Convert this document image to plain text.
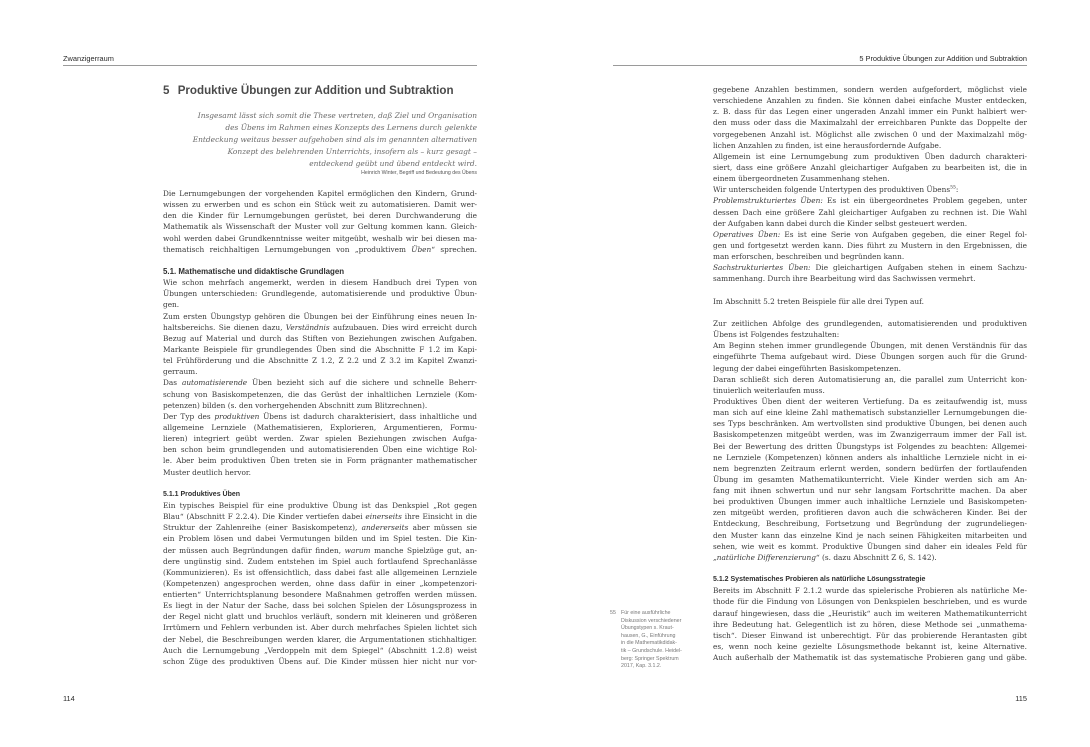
Zwanzigerraum
5 Produktive Übungen zur Addition und Subtraktion
Insgesamt lässt sich somit die These vertreten, daß Ziel und Organisation
des Übens im Rahmen eines Konzepts des Lernens durch gelenkte
Entdeckung weitaus besser aufgehoben sind als im genannten alternativen
Konzept des belehrenden Unterrichts, insofern als – kurz gesagt –
entdeckend geübt und übend entdeckt wird.
Heinrich Winter, Begriff und Bedeutung des Übens
Die Lernumgebungen der vorgehenden Kapitel ermöglichen den Kindern, Grund-
wissen zu erwerben und es schon ein Stück weit zu automatisieren. Damit wer-
den die Kinder für Lernumgebungen gerüstet, bei deren Durchwanderung die
Mathematik als Wissenschaft der Muster voll zur Geltung kommen kann. Gleich-
wohl werden dabei Grundkenntnisse weiter mitgeübt, weshalb wir bei diesen ma-
thematisch reichhaltigen Lernumgebungen von „produktivem Üben“ sprechen.
5.1. Mathematische und didaktische Grundlagen
Wie schon mehrfach angemerkt, werden in diesem Handbuch drei Typen von
Übungen unterschieden: Grundlegende, automatisierende und produktive Übun-
gen.
Zum ersten Übungstyp gehören die Übungen bei der Einführung eines neuen In-
haltsbereichs. Sie dienen dazu, Verständnis aufzubauen. Dies wird erreicht durch
Bezug auf Material und durch das Stiften von Beziehungen zwischen Aufgaben.
Markante Beispiele für grundlegendes Üben sind die Abschnitte F 1.2 im Kapi-
tel Frühförderung und die Abschnitte Z 1.2, Z 2.2 und Z 3.2 im Kapitel Zwanzi-
gerraum.
Das automatisierende Üben bezieht sich auf die sichere und schnelle Beherr-
schung von Basiskompetenzen, die das Gerüst der inhaltlichen Lernziele (Kom-
petenzen) bilden (s. den vorhergehenden Abschnitt zum Blitzrechnen).
Der Typ des produktiven Übens ist dadurch charakterisiert, dass inhaltliche und
allgemeine Lernziele (Mathematisieren, Explorieren, Argumentieren, Formu-
lieren) integriert geübt werden. Zwar spielen Beziehungen zwischen Aufga-
ben schon beim grundlegenden und automatisierenden Üben eine wichtige Rol-
le. Aber beim produktiven Üben treten sie in Form prägnanter mathematischer
Muster deutlich hervor.
5.1.1 Produktives Üben
Ein typisches Beispiel für eine produktive Übung ist das Denkspiel „Rot gegen
Blau“ (Abschnitt F 2.2.4). Die Kinder vertiefen dabei einerseits ihre Einsicht in die
Struktur der Zahlenreihe (einer Basiskompetenz), andererseits aber müssen sie
ein Problem lösen und dabei Vermutungen bilden und im Spiel testen. Die Kin-
der müssen auch Begründungen dafür finden, warum manche Spielzüge gut, an-
dere ungünstig sind. Zudem entstehen im Spiel auch fortlaufend Sprechanlässe
(Kommunizieren). Es ist offensichtlich, dass dabei fast alle allgemeinen Lernziele
(Kompetenzen) angesprochen werden, ohne dass dafür in einer „kompetenzori-
entierten“ Unterrichtsplanung besondere Maßnahmen getroffen werden müssen.
Es liegt in der Natur der Sache, dass bei solchen Spielen der Lösungsprozess in
der Regel nicht glatt und bruchlos verläuft, sondern mit kleineren und größeren
Irrtümern und Fehlern verbunden ist. Aber durch mehrfaches Spielen lichtet sich
der Nebel, die Beschreibungen werden klarer, die Argumentationen stichhaltiger.
Auch die Lernumgebung „Verdoppeln mit dem Spiegel“ (Abschnitt 1.2.8) weist
schon Züge des produktiven Übens auf. Die Kinder müssen hier nicht nur vor-
114
5 Produktive Übungen zur Addition und Subtraktion
gegebene Anzahlen bestimmen, sondern werden aufgefordert, möglichst viele
verschiedene Anzahlen zu finden. Sie können dabei einfache Muster entdecken,
z. B. dass für das Legen einer ungeraden Anzahl immer ein Punkt halbiert wer-
den muss oder dass die Maximalzahl der erreichbaren Punkte das Doppelte der
vorgegebenen Anzahl ist. Möglichst alle zwischen 0 und der Maximalzahl mög-
lichen Anzahlen zu finden, ist eine herausfordernde Aufgabe.
Allgemein ist eine Lernumgebung zum produktiven Üben dadurch charakteri-
siert, dass eine größere Anzahl gleichartiger Aufgaben zu bearbeiten ist, die in
einem übergeordneten Zusammenhang stehen.
Wir unterscheiden folgende Untertypen des produktiven Übens$^{55}$:
Problemstrukturiertes Üben: Es ist ein übergeordnetes Problem gegeben, unter
dessen Dach eine größere Zahl gleichartiger Aufgaben zu rechnen ist. Die Wahl
der Aufgaben kann dabei durch die Kinder selbst gesteuert werden.
Operatives Üben: Es ist eine Serie von Aufgaben gegeben, die einer Regel fol-
gen und fortgesetzt werden kann. Dies führt zu Mustern in den Ergebnissen, die
man erforschen, beschreiben und begründen kann.
Sachstrukturiertes Üben: Die gleichartigen Aufgaben stehen in einem Sachzu-
sammenhang. Durch ihre Bearbeitung wird das Sachwissen vermehrt.
Im Abschnitt 5.2 treten Beispiele für alle drei Typen auf.
Zur zeitlichen Abfolge des grundlegenden, automatisierenden und produktiven
Übens ist Folgendes festzuhalten:
Am Beginn stehen immer grundlegende Übungen, mit denen Verständnis für das
eingeführte Thema aufgebaut wird. Diese Übungen sorgen auch für die Grund-
legung der dabei eingeführten Basiskompetenzen.
Daran schließt sich deren Automatisierung an, die parallel zum Unterricht kon-
tinuierlich weiterlaufen muss.
Produktives Üben dient der weiteren Vertiefung. Da es zeitaufwendig ist, muss
man sich auf eine kleine Zahl mathematisch substanzieller Lernumgebungen die-
ses Typs beschränken. Am wertvollsten sind produktive Übungen, bei denen auch
Basiskompetenzen mitgeübt werden, was im Zwanzigerraum immer der Fall ist.
Bei der Bewertung des dritten Übungstyps ist Folgendes zu beachten: Allgemei-
ne Lernziele (Kompetenzen) können anders als inhaltliche Lernziele nicht in ei-
nem begrenzten Zeitraum erlernt werden, sondern bedürfen der fortlaufenden
Übung im gesamten Mathematikunterricht. Viele Kinder werden sich am An-
fang mit ihnen schwertun und nur sehr langsam Fortschritte machen. Da aber
bei produktiven Übungen immer auch inhaltliche Lernziele und Basiskompeten-
zen mitgeübt werden, profitieren davon auch die schwächeren Kinder. Bei der
Entdeckung, Beschreibung, Fortsetzung und Begründung der zugrundeliegen-
den Muster kann das einzelne Kind je nach seinen Fähigkeiten mitarbeiten und
sehen, wie weit es kommt. Produktive Übungen sind daher ein ideales Feld für
„natürliche Differenzierung“ (s. dazu Abschnitt Z 6, S. 142).
5.1.2 Systematisches Probieren als natürliche Lösungsstrategie
Bereits im Abschnitt F 2.1.2 wurde das spielerische Probieren als natürliche Me-
thode für die Findung von Lösungen von Denkspielen beschrieben, und es wurde
darauf hingewiesen, dass die „Heuristik“ auch im weiteren Mathematikunterricht
ihre Bedeutung hat. Gelegentlich ist zu hören, diese Methode sei „unmathema-
tisch“. Dieser Einwand ist unberechtigt. Für das probierende Herantasten gibt
es, wenn noch keine gezielte Lösungsmethode bekannt ist, keine Alternative.
Auch außerhalb der Mathematik ist das systematische Probieren gang und gäbe.
55 Für eine ausführliche
Diskussion verschiedener
Übungstypen s. Kraut-
hausen, G., Einführung
in die Mathematikdidak-
tik – Grundschule. Heidel-
berg: Springer Spektrum
2017, Kap. 3.1.2.
115
